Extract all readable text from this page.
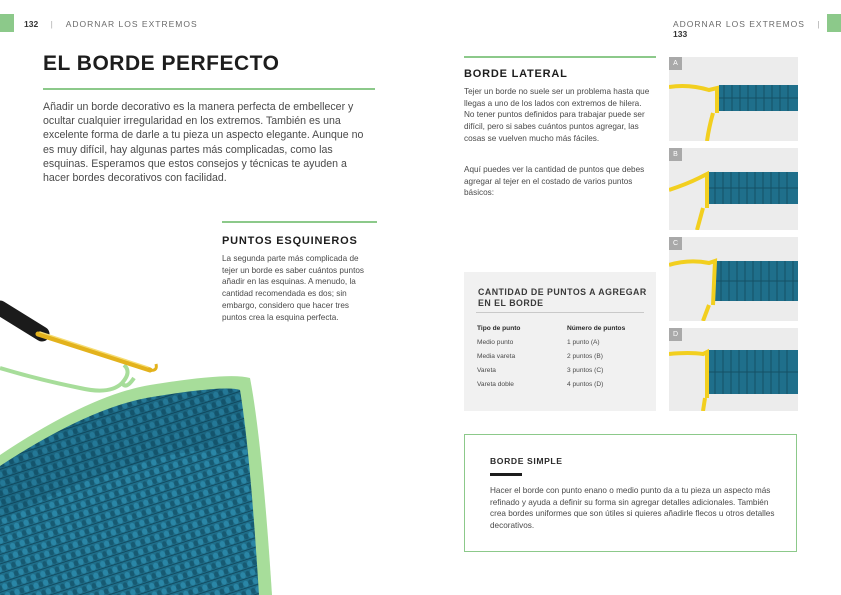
132 | ADORNAR LOS EXTREMOS	ADORNAR LOS EXTREMOS | 133
EL BORDE PERFECTO

Añadir un borde decorativo es la manera perfecta de embellecer y ocultar cualquier irregularidad en los extremos. También es una excelente forma de darle a tu pieza un aspecto elegante. Aunque no es muy difícil, hay algunas partes más complicadas, como las esquinas. Esperamos que estos consejos y técnicas te ayuden a hacer bordes decorativos con facilidad.

PUNTOS ESQUINEROS

La segunda parte más complicada de tejer un borde es saber cuántos puntos añadir en las esquinas. A menudo, la cantidad recomendada es dos; sin embargo, considero que hacer tres puntos crea la esquina perfecta.

BORDE LATERAL

Tejer un borde no suele ser un problema hasta que llegas a uno de los lados con extremos de hilera. No tener puntos definidos para trabajar puede ser difícil, pero si sabes cuántos puntos agregar, las cosas se vuelven mucho más fáciles.

Aquí puedes ver la cantidad de puntos que debes agregar al tejer en el costado de varios puntos básicos:

CANTIDAD DE PUNTOS A AGREGAR EN EL BORDE
Tipo de punto	Número de puntos
Medio punto	1 punto (A)
Media vareta	2 puntos (B)
Vareta	3 puntos (C)
Vareta doble	4 puntos (D)
A
B
C
D
BORDE SIMPLE

Hacer el borde con punto enano o medio punto da a tu pieza un aspecto más refinado y ayuda a definir su forma sin agregar detalles adicionales. También crea bordes uniformes que son útiles si quieres añadirle flecos u otros detalles decorativos.
